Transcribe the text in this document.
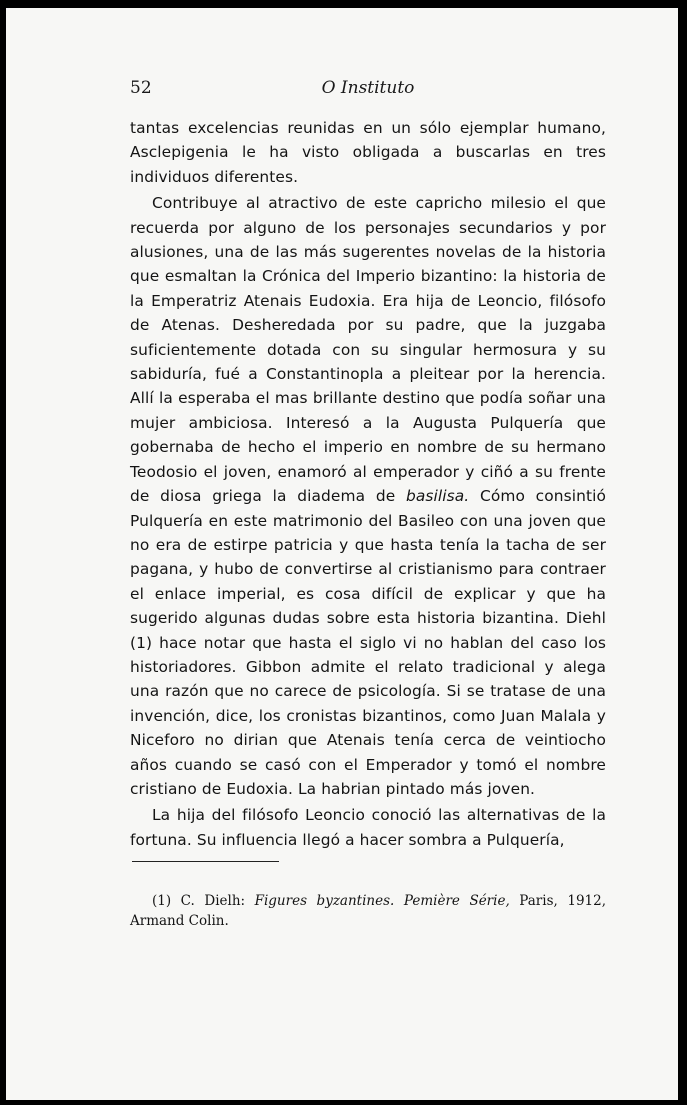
52	O Instituto

tantas excelencias reunidas en un sólo ejemplar humano, Asclepigenia le ha visto obligada a buscarlas en tres individuos diferentes.

Contribuye al atractivo de este capricho milesio el que recuerda por alguno de los personajes secundarios y por alusiones, una de las más sugerentes novelas de la historia que esmaltan la Crónica del Imperio bizantino: la historia de la Emperatriz Atenais Eudoxia. Era hija de Leoncio, filósofo de Atenas. Desheredada por su padre, que la juzgaba suficientemente dotada con su singular hermosura y su sabiduría, fué a Constantinopla a pleitear por la herencia. Allí la esperaba el mas brillante destino que podía soñar una mujer ambiciosa. Interesó a la Augusta Pulquería que gobernaba de hecho el imperio en nombre de su hermano Teodosio el joven, enamoró al emperador y ciñó a su frente de diosa griega la diadema de basilisa. Cómo consintió Pulquería en este matrimonio del Basileo con una joven que no era de estirpe patricia y que hasta tenía la tacha de ser pagana, y hubo de convertirse al cristianismo para contraer el enlace imperial, es cosa difícil de explicar y que ha sugerido algunas dudas sobre esta historia bizantina. Diehl (1) hace notar que hasta el siglo vi no hablan del caso los historiadores. Gibbon admite el relato tradicional y alega una razón que no carece de psicología. Si se tratase de una invención, dice, los cronistas bizantinos, como Juan Malala y Niceforo no dirian que Atenais tenía cerca de veintiocho años cuando se casó con el Emperador y tomó el nombre cristiano de Eudoxia. La habrian pintado más joven.

La hija del filósofo Leoncio conoció las alternativas de la fortuna. Su influencia llegó a hacer sombra a Pulquería,

(1) C. Dielh: Figures byzantines. Pemière Série, Paris, 1912, Armand Colin.
